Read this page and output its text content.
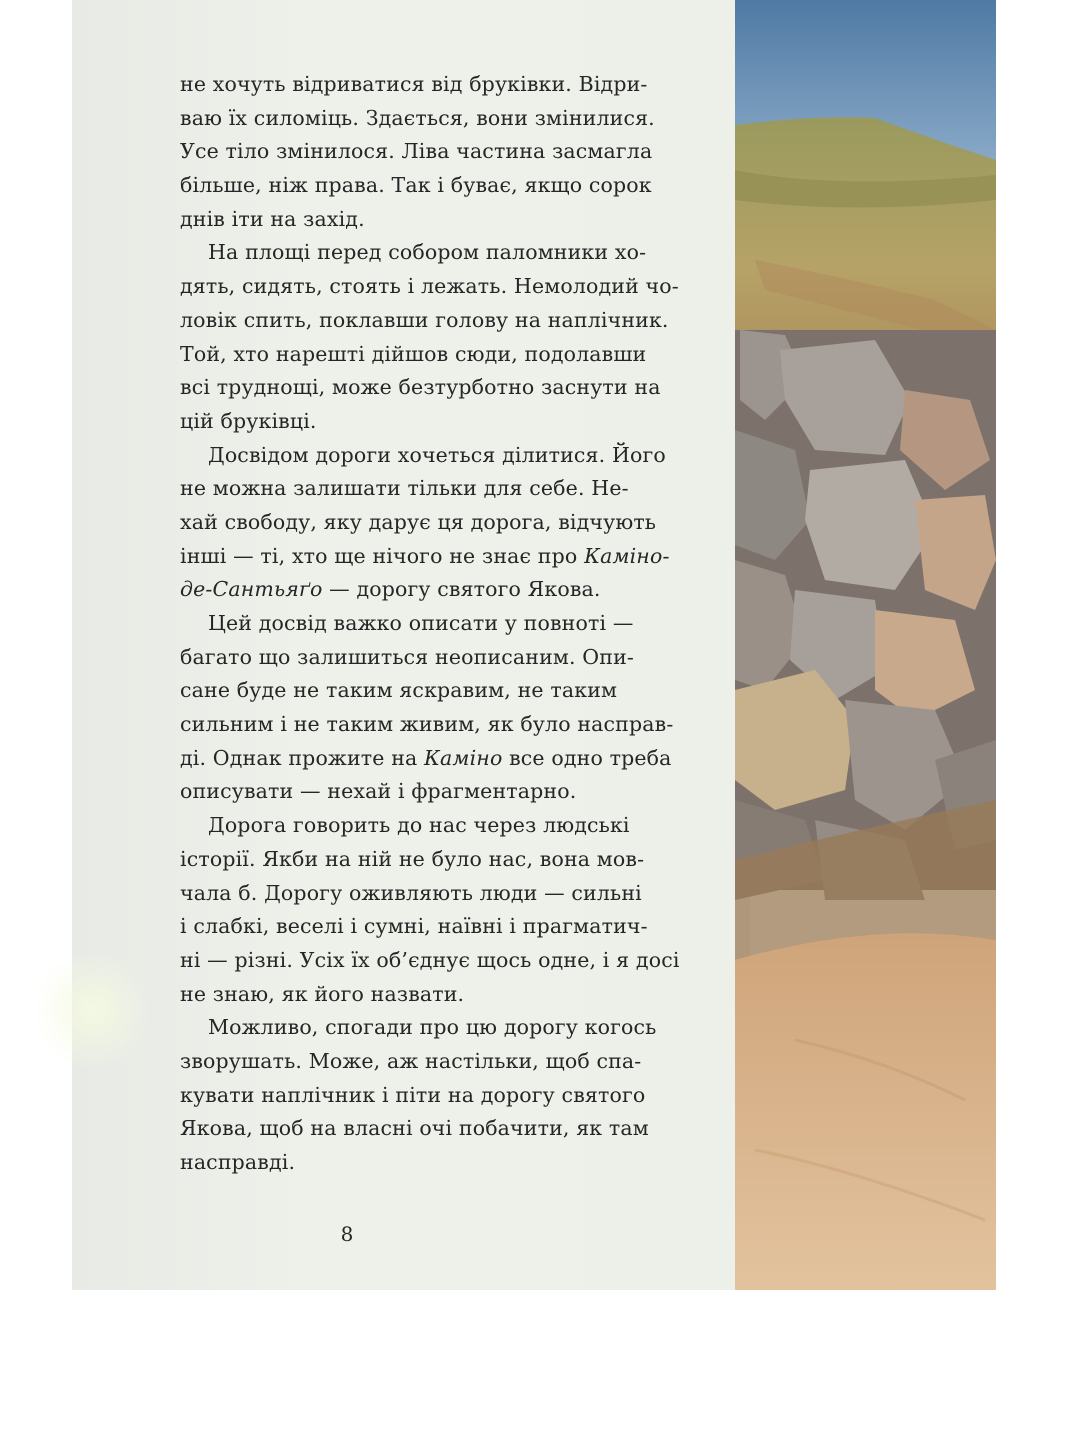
не хочуть відриватися від бруківки. Відри-
ваю їх силоміць. Здається, вони змінилися.
Усе тіло змінилося. Ліва частина засмагла
більше, ніж права. Так і буває, якщо сорок
днів іти на захід.
На площі перед собором паломники хо-
дять, сидять, стоять і лежать. Немолодий чо-
ловік спить, поклавши голову на наплічник.
Той, хто нарешті дійшов сюди, подолавши
всі труднощі, може безтурботно заснути на
цій бруківці.
Досвідом дороги хочеться ділитися. Його
не можна залишати тільки для себе. Не-
хай свободу, яку дарує ця дорога, відчують
інші — ті, хто ще нічого не знає про Каміно-
де-Сантьяґо — дорогу святого Якова.
Цей досвід важко описати у повноті —
багато що залишиться неописаним. Опи-
сане буде не таким яскравим, не таким
сильним і не таким живим, як було насправ-
ді. Однак прожите на Каміно все одно треба
описувати — нехай і фрагментарно.
Дорога говорить до нас через людські
історії. Якби на ній не було нас, вона мов-
чала б. Дорогу оживляють люди — сильні
і слабкі, веселі і сумні, наївні і прагматич-
ні — різні. Усіх їх об’єднує щось одне, і я досі
не знаю, як його назвати.
Можливо, спогади про цю дорогу когось
зворушать. Може, аж настільки, щоб спа-
кувати наплічник і піти на дорогу святого
Якова, щоб на власні очі побачити, як там
насправді.
8
